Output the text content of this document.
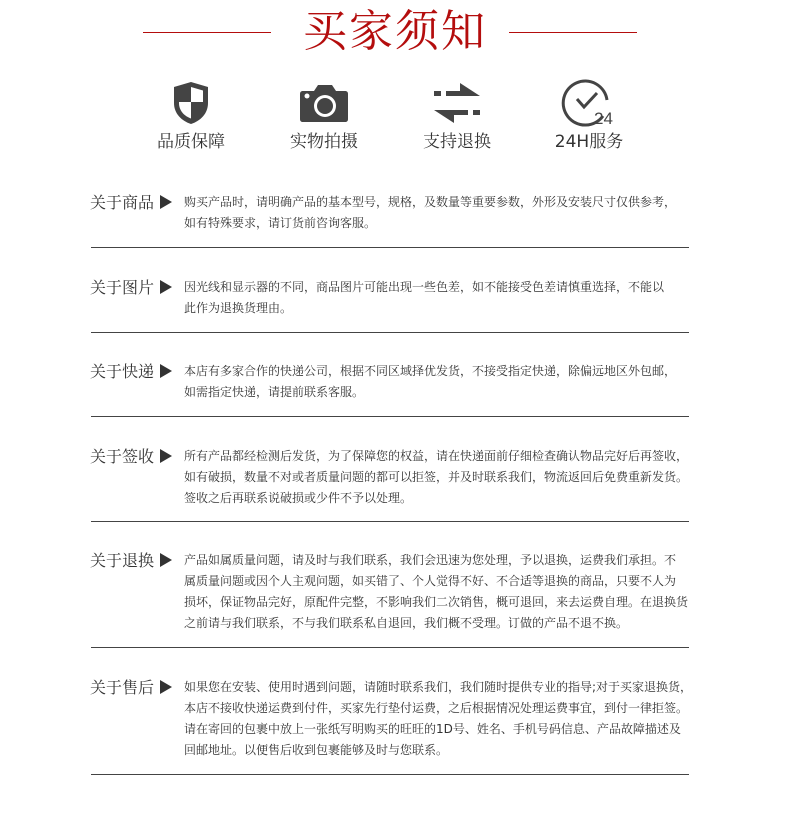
买家须知
品质保障	实物拍摄	支持退换
24
24H服务
关于商品	购买产品时，请明确产品的基本型号，规格，及数量等重要参数，外形及安装尺寸仅供参考，
如有特殊要求，请订货前咨询客服。
关于图片	因光线和显示器的不同，商品图片可能出现一些色差，如不能接受色差请慎重选择，不能以
此作为退换货理由。
关于快递	本店有多家合作的快递公司，根据不同区域择优发货，不接受指定快递，除偏远地区外包邮，
如需指定快递，请提前联系客服。
关于签收	所有产品都经检测后发货，为了保障您的权益，请在快递面前仔细检查确认物品完好后再签收，
如有破损，数量不对或者质量问题的都可以拒签，并及时联系我们，物流返回后免费重新发货。
签收之后再联系说破损或少件不予以处理。
关于退换	产品如属质量问题，请及时与我们联系，我们会迅速为您处理，予以退换，运费我们承担。不
属质量问题或因个人主观问题，如买错了、个人觉得不好、不合适等退换的商品，只要不人为
损坏，保证物品完好，原配件完整，不影响我们二次销售，概可退回，来去运费自理。在退换货
之前请与我们联系，不与我们联系私自退回，我们概不受理。订做的产品不退不换。
关于售后	如果您在安装、使用时遇到问题，请随时联系我们，我们随时提供专业的指导;对于买家退换货，
本店不接收快递运费到付件，买家先行垫付运费，之后根据情况处理运费事宜，到付一律拒签。
请在寄回的包裹中放上一张纸写明购买的旺旺的1D号、姓名、手机号码信息、产品故障描述及
回邮地址。以便售后收到包裹能够及时与您联系。
